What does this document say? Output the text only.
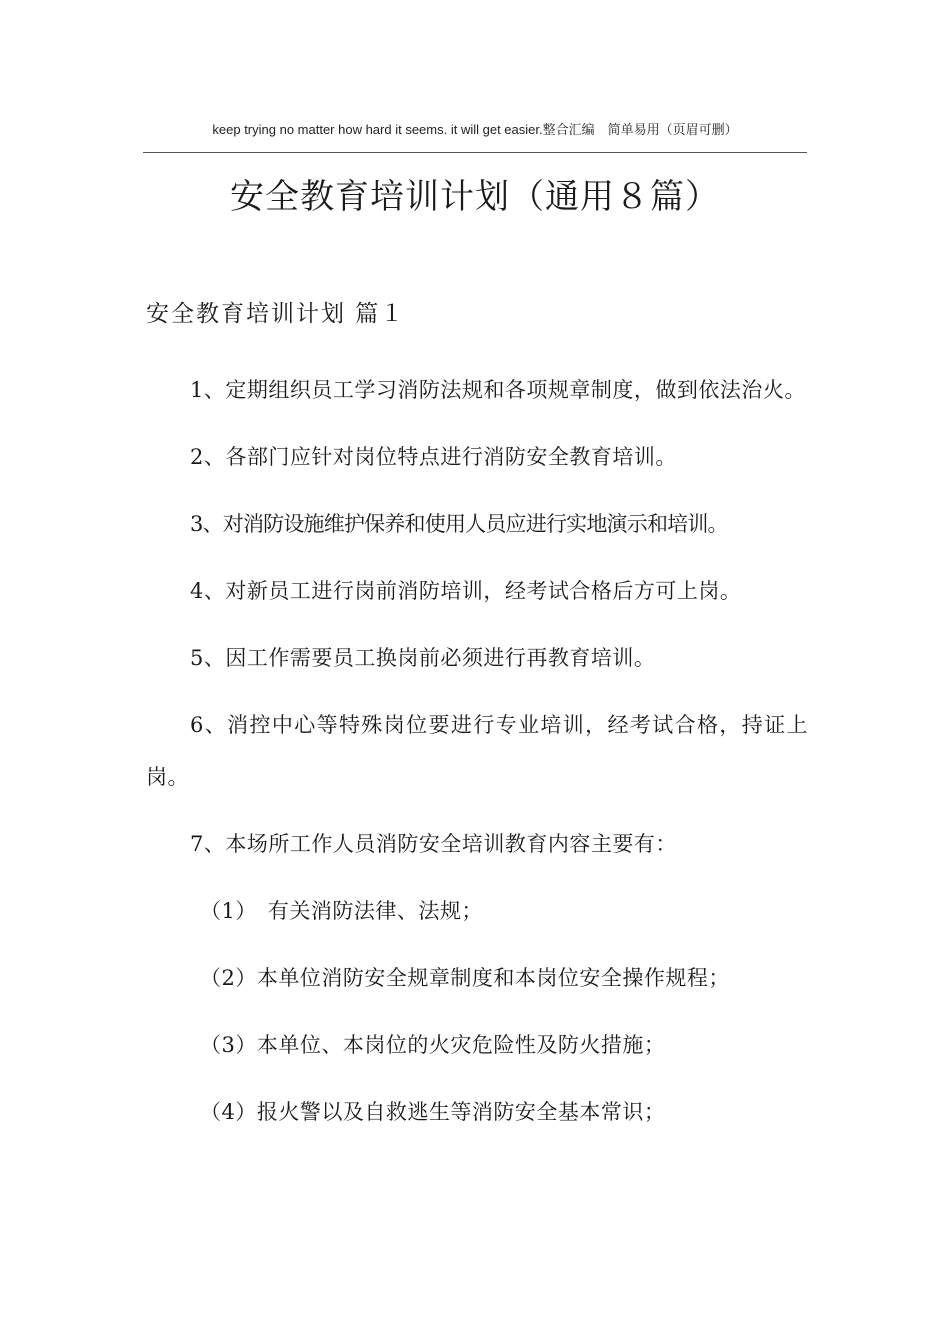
keep trying no matter how hard it seems. it will get easier.整合汇编　简单易用（页眉可删）
安全教育培训计划（通用８篇）
安全教育培训计划 篇１

1、定期组织员工学习消防法规和各项规章制度，做到依法治火。

2、各部门应针对岗位特点进行消防安全教育培训。

3、对消防设施维护保养和使用人员应进行实地演示和培训。

4、对新员工进行岗前消防培训，经考试合格后方可上岗。

5、因工作需要员工换岗前必须进行再教育培训。

6、消控中心等特殊岗位要进行专业培训，经考试合格，持证上岗。

7、本场所工作人员消防安全培训教育内容主要有：

（1）　有关消防法律、法规；

（2）本单位消防安全规章制度和本岗位安全操作规程；

（3）本单位、本岗位的火灾危险性及防火措施；

（4）报火警以及自救逃生等消防安全基本常识；
